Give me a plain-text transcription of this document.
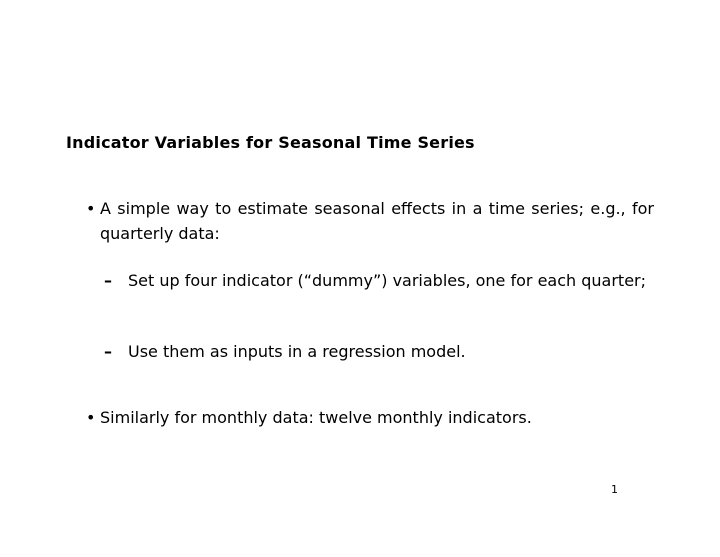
Indicator Variables for Seasonal Time Series
• A simple way to estimate seasonal effects in a time series; e.g., for quarterly data:
–	Set up four indicator (“dummy”) variables, one for each quarter;
–	Use them as inputs in a regression model.
• Similarly for monthly data: twelve monthly indicators.
1
